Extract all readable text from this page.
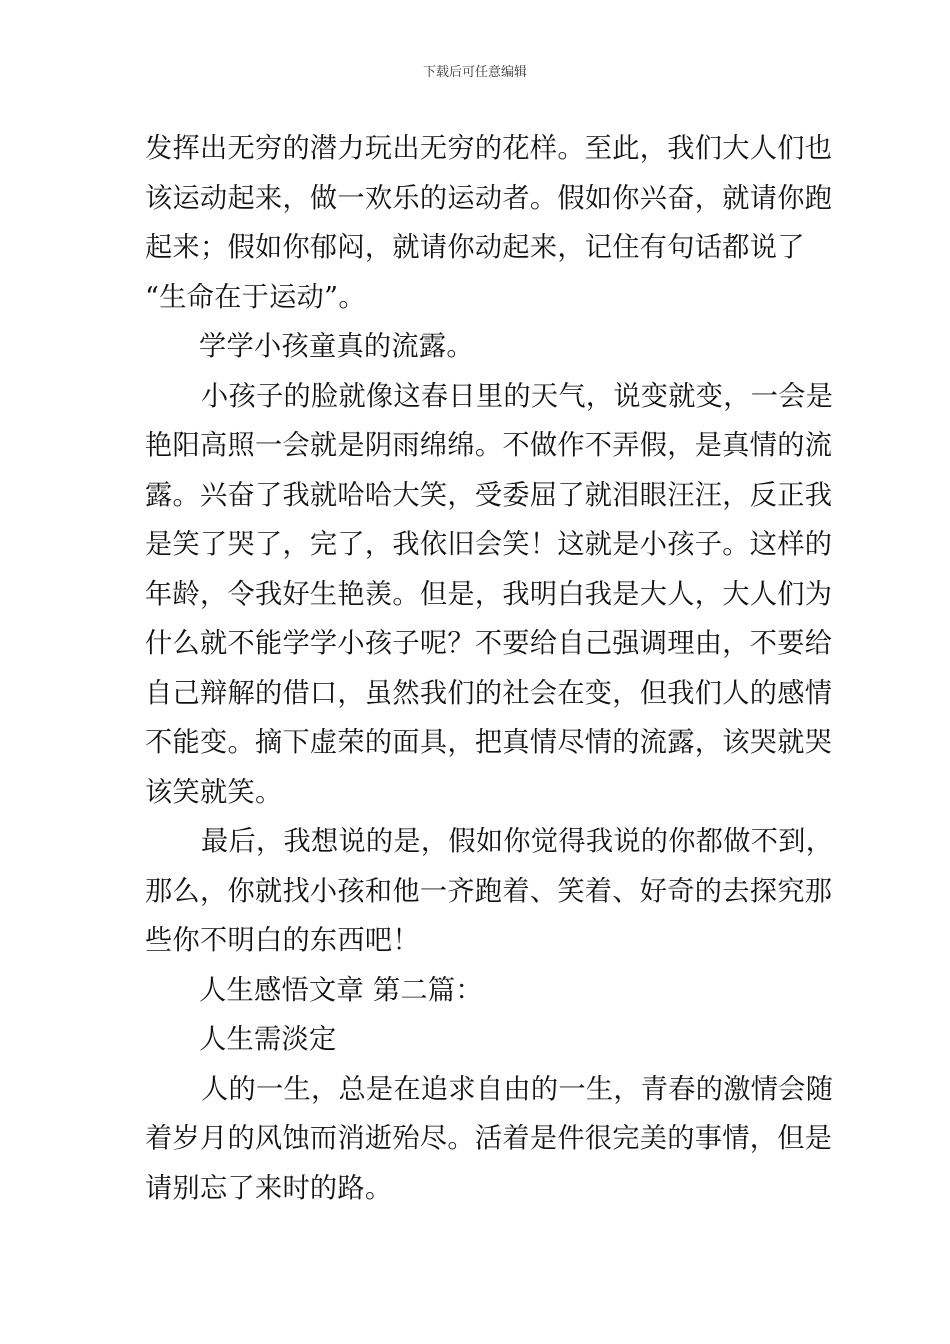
下载后可任意编辑
发挥出无穷的潜力玩出无穷的花样。至此，我们大人们也
该运动起来，做一欢乐的运动者。假如你兴奋，就请你跑
起来；假如你郁闷，就请你动起来，记住有句话都说了
“生命在于运动”。
学学小孩童真的流露。
小孩子的脸就像这春日里的天气，说变就变，一会是
艳阳高照一会就是阴雨绵绵。不做作不弄假，是真情的流
露。兴奋了我就哈哈大笑，受委屈了就泪眼汪汪，反正我
是笑了哭了，完了，我依旧会笑！这就是小孩子。这样的
年龄，令我好生艳羡。但是，我明白我是大人，大人们为
什么就不能学学小孩子呢？不要给自己强调理由，不要给
自己辩解的借口，虽然我们的社会在变，但我们人的感情
不能变。摘下虚荣的面具，把真情尽情的流露，该哭就哭
该笑就笑。
最后，我想说的是，假如你觉得我说的你都做不到，
那么，你就找小孩和他一齐跑着、笑着、好奇的去探究那
些你不明白的东西吧！
人生感悟文章 第二篇：
人生需淡定
人的一生，总是在追求自由的一生，青春的激情会随
着岁月的风蚀而消逝殆尽。活着是件很完美的事情，但是
请别忘了来时的路。
